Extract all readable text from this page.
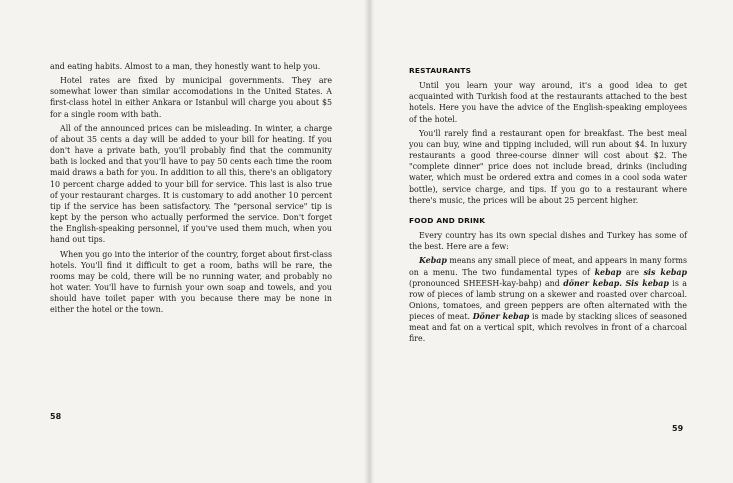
and eating habits. Almost to a man, they honestly want to help you.

Hotel rates are fixed by municipal governments. They are somewhat lower than similar accomodations in the United States. A first-class hotel in either Ankara or Istanbul will charge you about $5 for a single room with bath.

All of the announced prices can be misleading. In winter, a charge of about 35 cents a day will be added to your bill for heating. If you don't have a private bath, you'll probably find that the community bath is locked and that you'll have to pay 50 cents each time the room maid draws a bath for you. In addition to all this, there's an obligatory 10 percent charge added to your bill for service. This last is also true of your restaurant charges. It is customary to add another 10 percent tip if the service has been satisfactory. The "personal service" tip is kept by the person who actually performed the service. Don't forget the English-speaking personnel, if you've used them much, when you hand out tips.

When you go into the interior of the country, forget about first-class hotels. You'll find it difficult to get a room, baths will be rare, the rooms may be cold, there will be no running water, and probably no hot water. You'll have to furnish your own soap and towels, and you should have toilet paper with you because there may be none in either the hotel or the town.

58
RESTAURANTS

Until you learn your way around, it's a good idea to get acquainted with Turkish food at the restaurants attached to the best hotels. Here you have the advice of the English-speaking employees of the hotel.

You'll rarely find a restaurant open for breakfast. The best meal you can buy, wine and tipping included, will run about $4. In luxury restaurants a good three-course dinner will cost about $2. The "complete dinner" price does not include bread, drinks (including water, which must be ordered extra and comes in a cool soda water bottle), service charge, and tips. If you go to a restaurant where there's music, the prices will be about 25 percent higher.

FOOD AND DRINK

Every country has its own special dishes and Turkey has some of the best. Here are a few:

Kebap means any small piece of meat, and appears in many forms on a menu. The two fundamental types of kebap are sis kebap (pronounced SHEESH-kay-bahp) and döner kebap. Sis kebap is a row of pieces of lamb strung on a skewer and roasted over charcoal. Onions, tomatoes, and green peppers are often alternated with the pieces of meat. Döner kebap is made by stacking slices of seasoned meat and fat on a vertical spit, which revolves in front of a charcoal fire.

59
